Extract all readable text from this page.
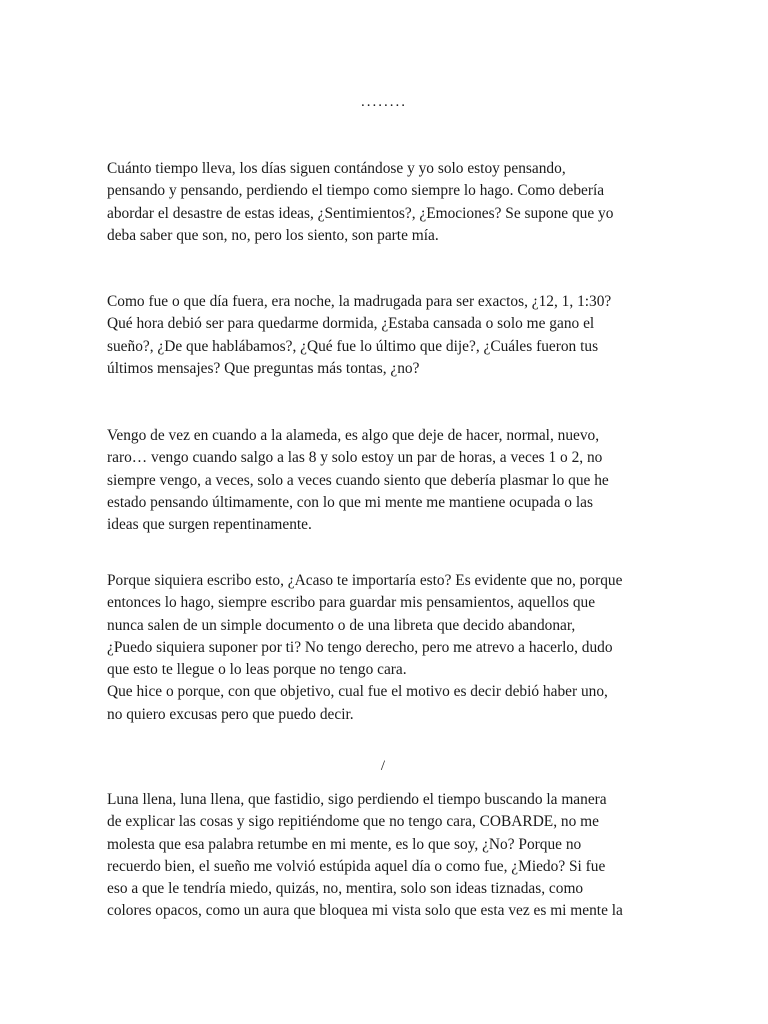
........

Cuánto tiempo lleva, los días siguen contándose y yo solo estoy pensando,
pensando y pensando, perdiendo el tiempo como siempre lo hago. Como debería
abordar el desastre de estas ideas, ¿Sentimientos?, ¿Emociones? Se supone que yo
deba saber que son, no, pero los siento, son parte mía.

Como fue o que día fuera, era noche, la madrugada para ser exactos, ¿12, 1, 1:30?
Qué hora debió ser para quedarme dormida, ¿Estaba cansada o solo me gano el
sueño?, ¿De que hablábamos?, ¿Qué fue lo último que dije?, ¿Cuáles fueron tus
últimos mensajes? Que preguntas más tontas, ¿no?

Vengo de vez en cuando a la alameda, es algo que deje de hacer, normal, nuevo,
raro… vengo cuando salgo a las 8 y solo estoy un par de horas, a veces 1 o 2, no
siempre vengo, a veces, solo a veces cuando siento que debería plasmar lo que he
estado pensando últimamente, con lo que mi mente me mantiene ocupada o las
ideas que surgen repentinamente.

Porque siquiera escribo esto, ¿Acaso te importaría esto? Es evidente que no, porque
entonces lo hago, siempre escribo para guardar mis pensamientos, aquellos que
nunca salen de un simple documento o de una libreta que decido abandonar,
¿Puedo siquiera suponer por ti? No tengo derecho, pero me atrevo a hacerlo, dudo
que esto te llegue o lo leas porque no tengo cara.
Que hice o porque, con que objetivo, cual fue el motivo es decir debió haber uno,
no quiero excusas pero que puedo decir.

/

Luna llena, luna llena, que fastidio, sigo perdiendo el tiempo buscando la manera
de explicar las cosas y sigo repitiéndome que no tengo cara, COBARDE, no me
molesta que esa palabra retumbe en mi mente, es lo que soy, ¿No? Porque no
recuerdo bien, el sueño me volvió estúpida aquel día o como fue, ¿Miedo? Si fue
eso a que le tendría miedo, quizás, no, mentira, solo son ideas tiznadas, como
colores opacos, como un aura que bloquea mi vista solo que esta vez es mi mente la
